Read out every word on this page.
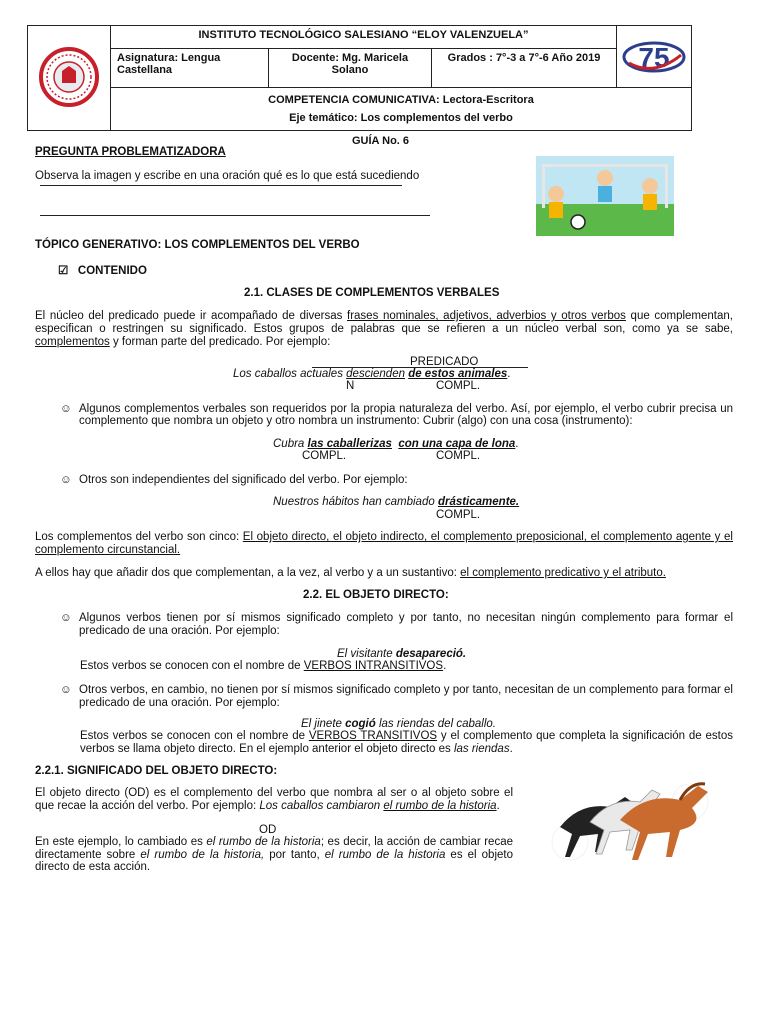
	INSTITUTO TECNOLÓGICO SALESIANO “ELOY VALENZUELA”			75

	Asignatura: Lengua Castellana	Docente: Mg. Maricela Solano	Grados : 7°-3 a 7°-6 Año 2019	

	COMPETENCIA COMUNICATIVA: Lectora-Escritora
Eje temático: Los complementos del verbo			
GUÍA No. 6
PREGUNTA PROBLEMATIZADORA
Observa la imagen y escribe en una oración qué es lo que está sucediendo
TÓPICO GENERATIVO: LOS COMPLEMENTOS DEL VERBO
☑ CONTENIDO
2.1. CLASES DE COMPLEMENTOS VERBALES
El núcleo del predicado puede ir acompañado de diversas frases nominales, adjetivos, adverbios y otros verbos que complementan, especifican o restringen su significado. Estos grupos de palabras que se refieren a un núcleo verbal son, como ya se sabe, complementos y forman parte del predicado. Por ejemplo:
PREDICADO
Los caballos actuales descienden de estos animales.
N	COMPL.
☺ Algunos complementos verbales son requeridos por la propia naturaleza del verbo. Así, por ejemplo, el verbo cubrir precisa un complemento que nombra un objeto y otro nombra un instrumento: Cubrir (algo) con una cosa (instrumento):
Cubra las caballerizas con una capa de lona.
COMPL.	COMPL.
☺ Otros son independientes del significado del verbo. Por ejemplo:
Nuestros hábitos han cambiado drásticamente.
COMPL.
Los complementos del verbo son cinco: El objeto directo, el objeto indirecto, el complemento preposicional, el complemento agente y el complemento circunstancial.
A ellos hay que añadir dos que complementan, a la vez, al verbo y a un sustantivo: el complemento predicativo y el atributo.
2.2. EL OBJETO DIRECTO:
☺ Algunos verbos tienen por sí mismos significado completo y por tanto, no necesitan ningún complemento para formar el predicado de una oración. Por ejemplo:
El visitante desapareció.
Estos verbos se conocen con el nombre de VERBOS INTRANSITIVOS.
☺ Otros verbos, en cambio, no tienen por sí mismos significado completo y por tanto, necesitan de un complemento para formar el predicado de una oración. Por ejemplo:
El jinete cogió las riendas del caballo.
Estos verbos se conocen con el nombre de VERBOS TRANSITIVOS y el complemento que completa la significación de estos verbos se llama objeto directo. En el ejemplo anterior el objeto directo es las riendas.
2.2.1. SIGNIFICADO DEL OBJETO DIRECTO:
El objeto directo (OD) es el complemento del verbo que nombra al ser o al objeto sobre el que recae la acción del verbo. Por ejemplo: Los caballos cambiaron el rumbo de la historia.
OD
En este ejemplo, lo cambiado es el rumbo de la historia; es decir, la acción de cambiar recae directamente sobre el rumbo de la historia, por tanto, el rumbo de la historia es el objeto directo de esta acción.
